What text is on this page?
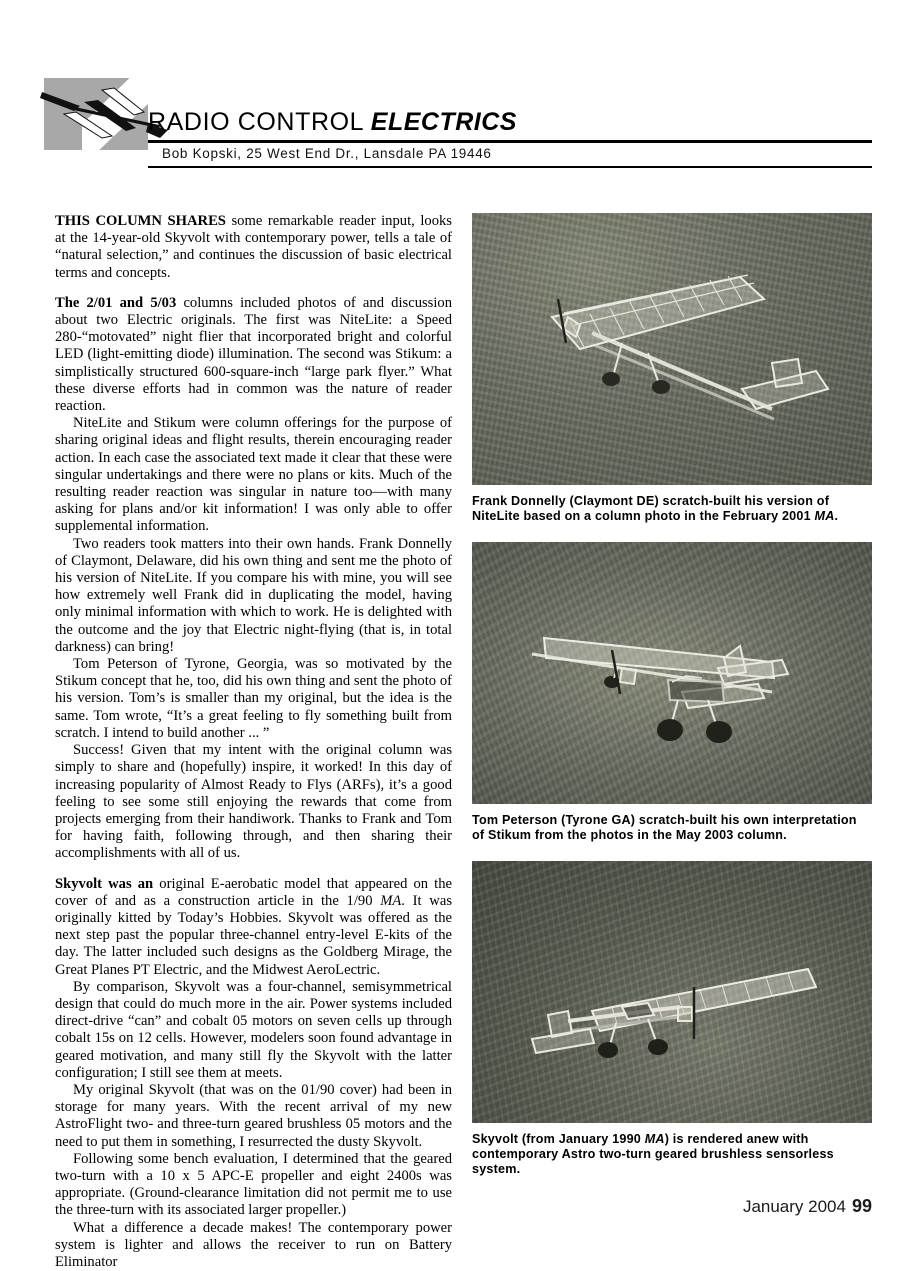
RADIO CONTROL ELECTRICS
Bob Kopski, 25 West End Dr., Lansdale PA 19446

THIS COLUMN SHARES some remarkable reader input, looks at the 14-year-old Skyvolt with contemporary power, tells a tale of “natural selection,” and continues the discussion of basic electrical terms and concepts.

The 2/01 and 5/03 columns included photos of and discussion about two Electric originals. The first was NiteLite: a Speed 280-“motovated” night flier that incorporated bright and colorful LED (light-emitting diode) illumination. The second was Stikum: a simplistically structured 600-square-inch “large park flyer.” What these diverse efforts had in common was the nature of reader reaction.

NiteLite and Stikum were column offerings for the purpose of sharing original ideas and flight results, therein encouraging reader action. In each case the associated text made it clear that these were singular undertakings and there were no plans or kits. Much of the resulting reader reaction was singular in nature too—with many asking for plans and/or kit information! I was only able to offer supplemental information.

Two readers took matters into their own hands. Frank Donnelly of Claymont, Delaware, did his own thing and sent me the photo of his version of NiteLite. If you compare his with mine, you will see how extremely well Frank did in duplicating the model, having only minimal information with which to work. He is delighted with the outcome and the joy that Electric night-flying (that is, in total darkness) can bring!

Tom Peterson of Tyrone, Georgia, was so motivated by the Stikum concept that he, too, did his own thing and sent the photo of his version. Tom’s is smaller than my original, but the idea is the same. Tom wrote, “It’s a great feeling to fly something built from scratch. I intend to build another ... ”

Success! Given that my intent with the original column was simply to share and (hopefully) inspire, it worked! In this day of increasing popularity of Almost Ready to Flys (ARFs), it’s a good feeling to see some still enjoying the rewards that come from projects emerging from their handiwork. Thanks to Frank and Tom for having faith, following through, and then sharing their accomplishments with all of us.

Skyvolt was an original E-aerobatic model that appeared on the cover of and as a construction article in the 1/90 MA. It was originally kitted by Today’s Hobbies. Skyvolt was offered as the next step past the popular three-channel entry-level E-kits of the day. The latter included such designs as the Goldberg Mirage, the Great Planes PT Electric, and the Midwest AeroLectric.

By comparison, Skyvolt was a four-channel, semisymmetrical design that could do much more in the air. Power systems included direct-drive “can” and cobalt 05 motors on seven cells up through cobalt 15s on 12 cells. However, modelers soon found advantage in geared motivation, and many still fly the Skyvolt with the latter configuration; I still see them at meets.

My original Skyvolt (that was on the 01/90 cover) had been in storage for many years. With the recent arrival of my new AstroFlight two- and three-turn geared brushless 05 motors and the need to put them in something, I resurrected the dusty Skyvolt.

Following some bench evaluation, I determined that the geared two-turn with a 10 x 5 APC-E propeller and eight 2400s was appropriate. (Ground-clearance limitation did not permit me to use the three-turn with its associated larger propeller.)

What a difference a decade makes! The contemporary power system is lighter and allows the receiver to run on Battery Eliminator

Frank Donnelly (Claymont DE) scratch-built his version of NiteLite based on a column photo in the February 2001 MA.
Tom Peterson (Tyrone GA) scratch-built his own interpretation of Stikum from the photos in the May 2003 column.
Skyvolt (from January 1990 MA) is rendered anew with contemporary Astro two-turn geared brushless sensorless system.
January 2004 99
